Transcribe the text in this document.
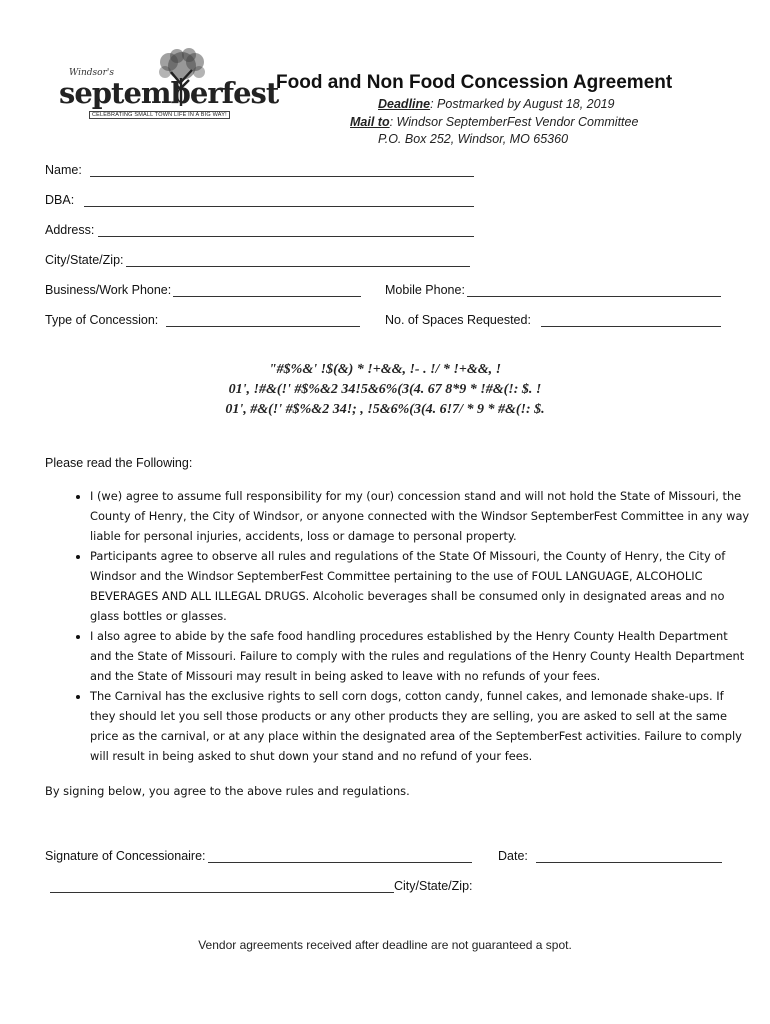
Windsor's
septemberfest
CELEBRATING SMALL TOWN LIFE IN A BIG WAY!
Food and Non Food Concession Agreement
Deadline: Postmarked by August 18, 2019
Mail to: Windsor SeptemberFest Vendor Committee
P.O. Box 252, Windsor, MO 65360
Name:
DBA:
Address:
City/State/Zip:
Business/Work Phone:	Mobile Phone:
Type of Concession:	No. of Spaces Requested:
"#$%&' !$(&) * !+&&, !- . !/ * !+&&, !
01', !#&(!' #$%&2 34!5&6%(3(4. 67 8*9 * !#&(!: $. !
01', #&(!' #$%&2 34!; , !5&6%(3(4. 6!7/ * 9 * #&(!: $.
Please read the Following:
• I (we) agree to assume full responsibility for my (our) concession stand and will not hold the State of Missouri, the County of Henry, the City of Windsor, or anyone connected with the Windsor SeptemberFest Committee in any way liable for personal injuries, accidents, loss or damage to personal property.
• Participants agree to observe all rules and regulations of the State Of Missouri, the County of Henry, the City of Windsor and the Windsor SeptemberFest Committee pertaining to the use of FOUL LANGUAGE, ALCOHOLIC BEVERAGES AND ALL ILLEGAL DRUGS. Alcoholic beverages shall be consumed only in designated areas and no glass bottles or glasses.
• I also agree to abide by the safe food handling procedures established by the Henry County Health Department and the State of Missouri. Failure to comply with the rules and regulations of the Henry County Health Department and the State of Missouri may result in being asked to leave with no refunds of your fees.
• The Carnival has the exclusive rights to sell corn dogs, cotton candy, funnel cakes, and lemonade shake-ups. If they should let you sell those products or any other products they are selling, you are asked to sell at the same price as the carnival, or at any place within the designated area of the SeptemberFest activities. Failure to comply will result in being asked to shut down your stand and no refund of your fees.
By signing below, you agree to the above rules and regulations.
Signature of Concessionaire:	Date:
City/State/Zip:
Vendor agreements received after deadline are not guaranteed a spot.
